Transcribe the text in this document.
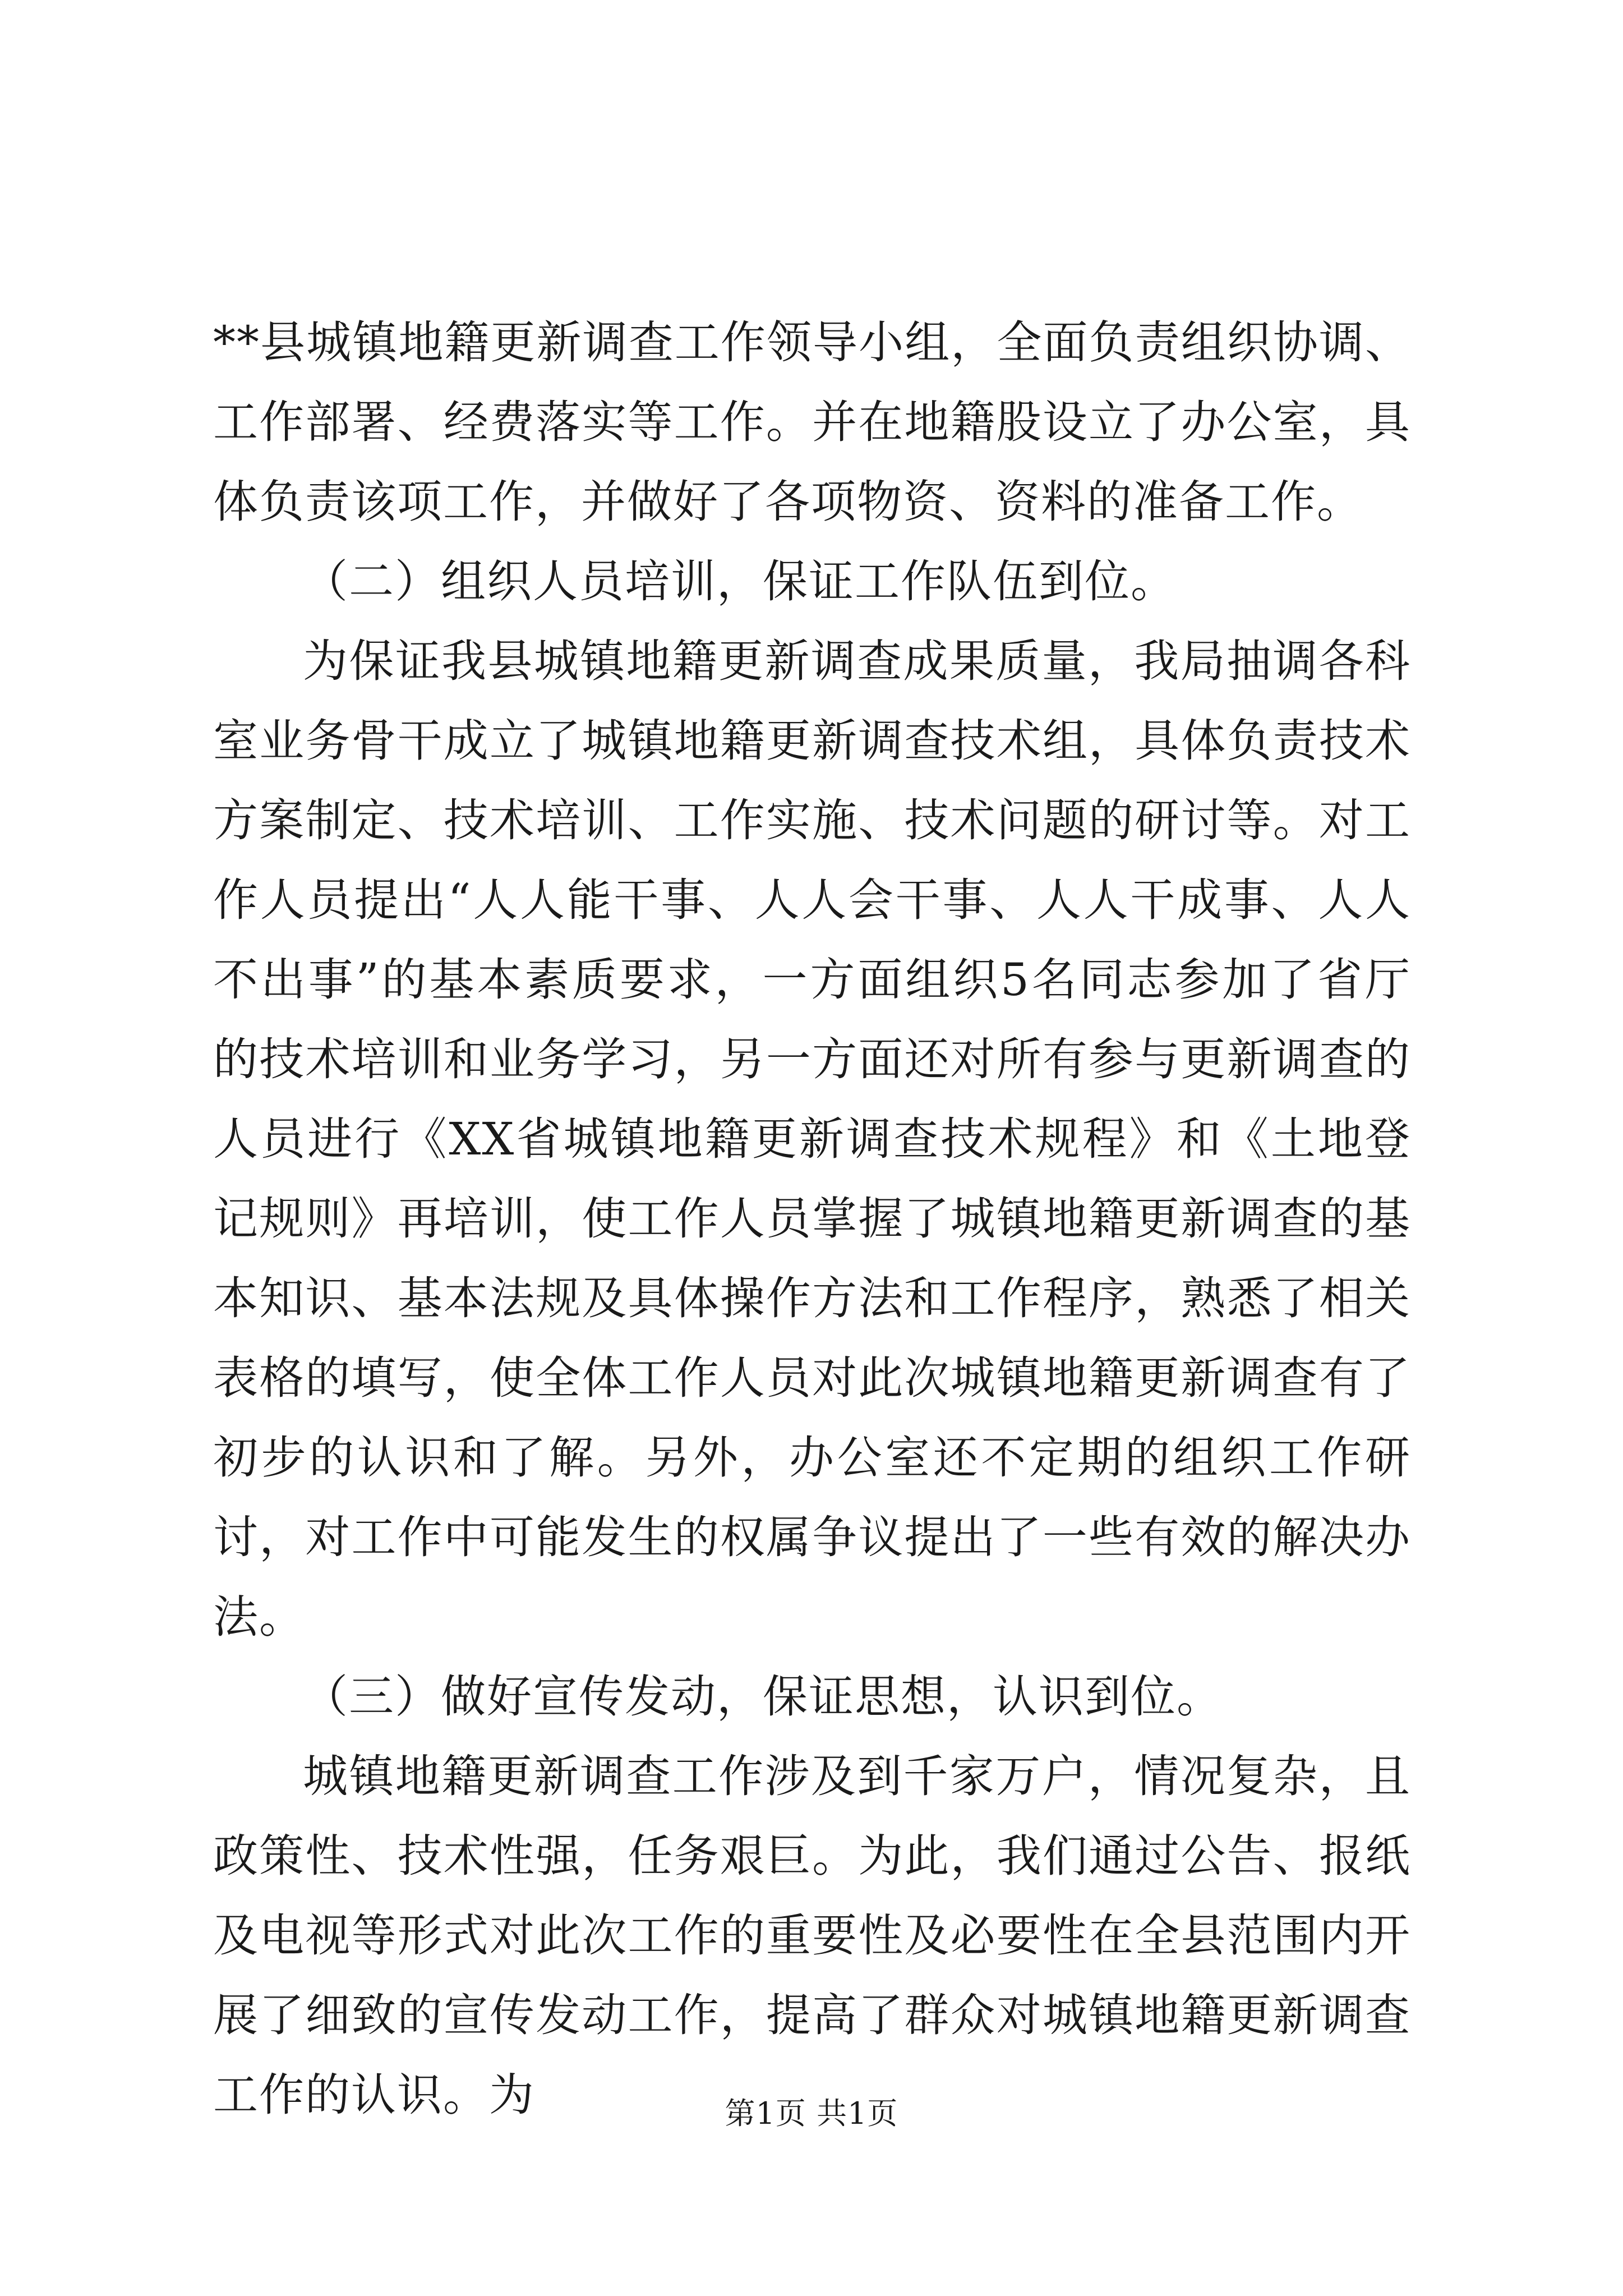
**县城镇地籍更新调查工作领导小组，全面负责组织协调、工作部署、经费落实等工作。并在地籍股设立了办公室，具体负责该项工作，并做好了各项物资、资料的准备工作。

（二）组织人员培训，保证工作队伍到位。

为保证我县城镇地籍更新调查成果质量，我局抽调各科室业务骨干成立了城镇地籍更新调查技术组，具体负责技术方案制定、技术培训、工作实施、技术问题的研讨等。对工作人员提出“人人能干事、人人会干事、人人干成事、人人不出事”的基本素质要求，一方面组织5名同志参加了省厅的技术培训和业务学习，另一方面还对所有参与更新调查的人员进行《XX省城镇地籍更新调查技术规程》和《土地登记规则》再培训，使工作人员掌握了城镇地籍更新调查的基本知识、基本法规及具体操作方法和工作程序，熟悉了相关表格的填写，使全体工作人员对此次城镇地籍更新调查有了初步的认识和了解。另外，办公室还不定期的组织工作研讨，对工作中可能发生的权属争议提出了一些有效的解决办法。

（三）做好宣传发动，保证思想，认识到位。

城镇地籍更新调查工作涉及到千家万户，情况复杂，且政策性、技术性强，任务艰巨。为此，我们通过公告、报纸及电视等形式对此次工作的重要性及必要性在全县范围内开展了细致的宣传发动工作，提高了群众对城镇地籍更新调查工作的认识。为	第1页 共1页
